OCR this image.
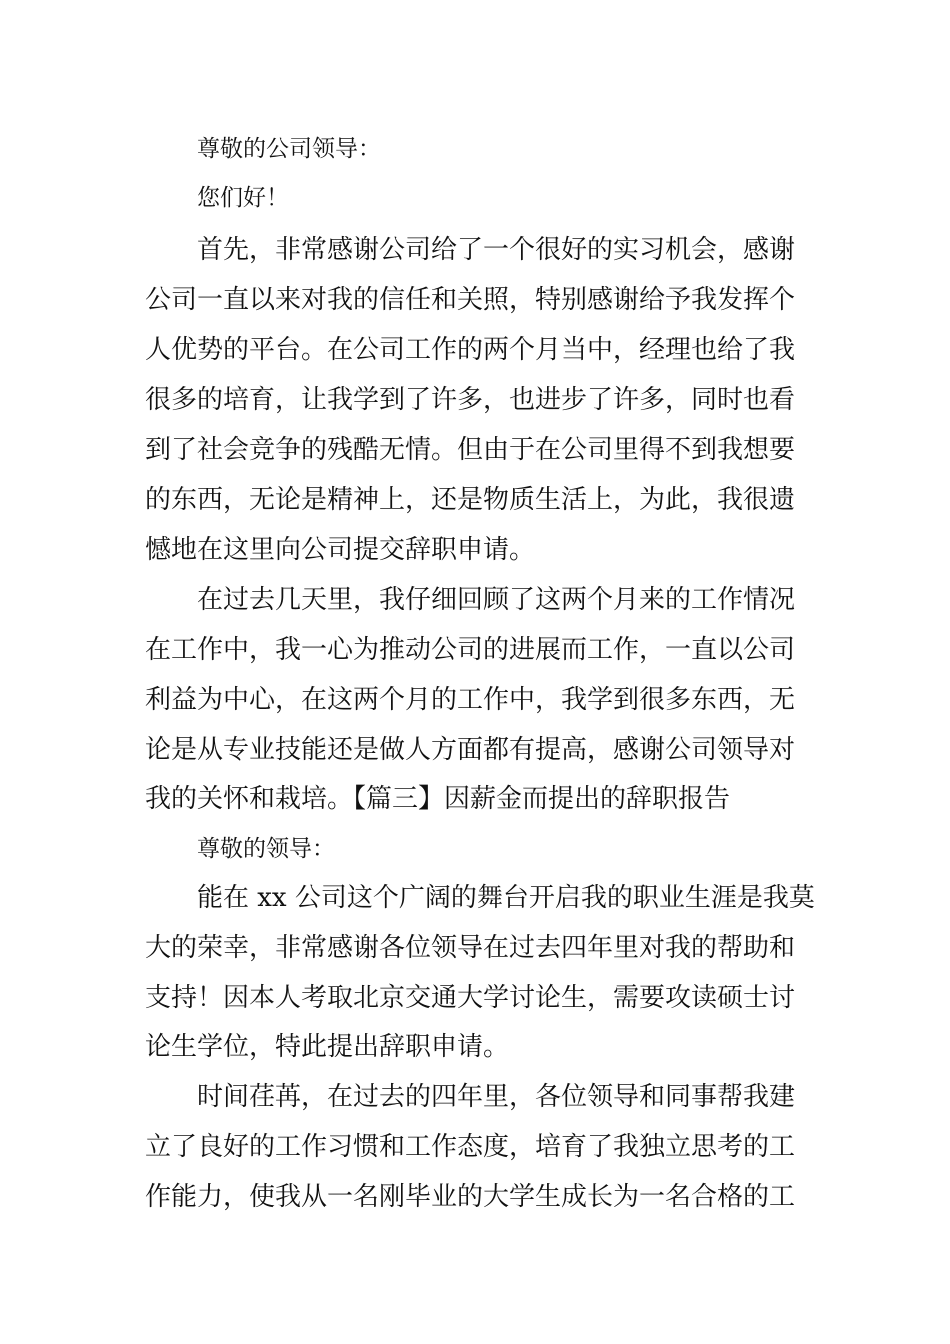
尊敬的公司领导：
您们好！
首先，非常感谢公司给了一个很好的实习机会，感谢
公司一直以来对我的信任和关照，特别感谢给予我发挥个
人优势的平台。在公司工作的两个月当中，经理也给了我
很多的培育，让我学到了许多，也进步了许多，同时也看
到了社会竞争的残酷无情。但由于在公司里得不到我想要
的东西，无论是精神上，还是物质生活上，为此，我很遗
憾地在这里向公司提交辞职申请。
在过去几天里，我仔细回顾了这两个月来的工作情况
在工作中，我一心为推动公司的进展而工作，一直以公司
利益为中心，在这两个月的工作中，我学到很多东西，无
论是从专业技能还是做人方面都有提高，感谢公司领导对
我的关怀和栽培。【篇三】因薪金而提出的辞职报告
尊敬的领导：
能在 xx 公司这个广阔的舞台开启我的职业生涯是我莫
大的荣幸，非常感谢各位领导在过去四年里对我的帮助和
支持！因本人考取北京交通大学讨论生，需要攻读硕士讨
论生学位，特此提出辞职申请。
时间荏苒，在过去的四年里，各位领导和同事帮我建
立了良好的工作习惯和工作态度，培育了我独立思考的工
作能力，使我从一名刚毕业的大学生成长为一名合格的工
